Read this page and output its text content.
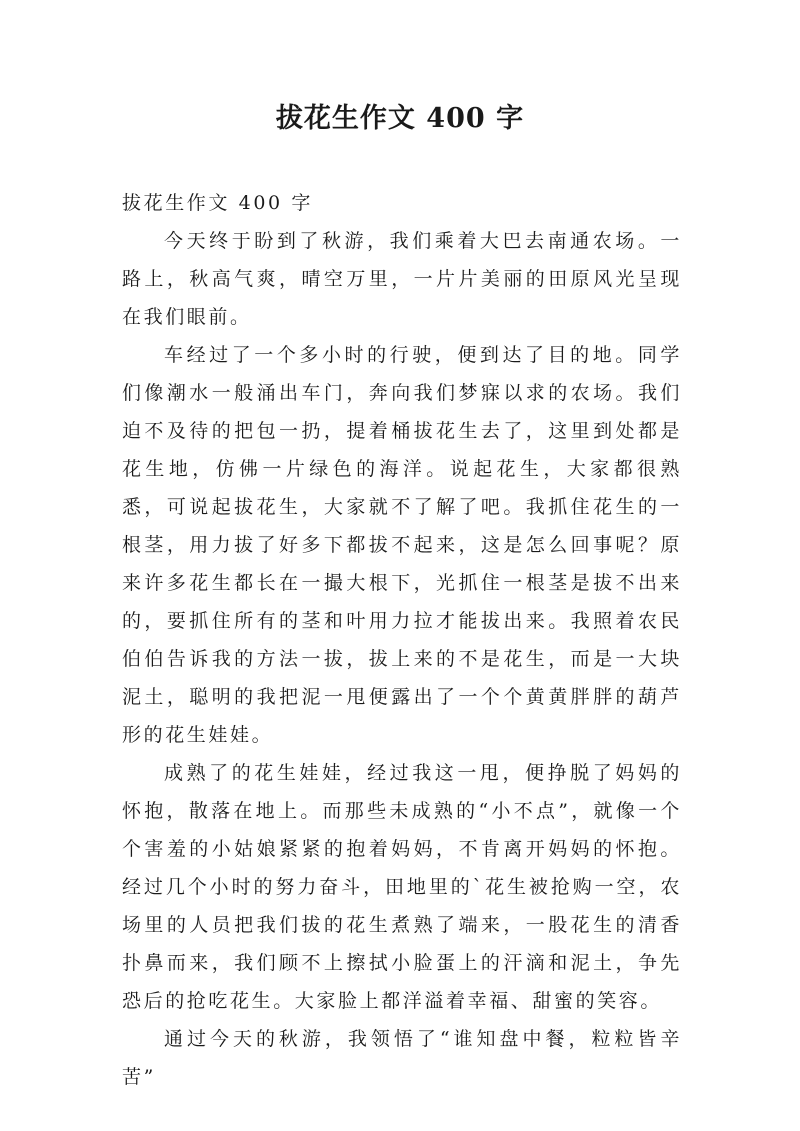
拔花生作文 400 字

拔花生作文 400 字

今天终于盼到了秋游，我们乘着大巴去南通农场。一路上，秋高气爽，晴空万里，一片片美丽的田原风光呈现在我们眼前。

车经过了一个多小时的行驶，便到达了目的地。同学们像潮水一般涌出车门，奔向我们梦寐以求的农场。我们迫不及待的把包一扔，提着桶拔花生去了，这里到处都是花生地，仿佛一片绿色的海洋。说起花生，大家都很熟悉，可说起拔花生，大家就不了解了吧。我抓住花生的一根茎，用力拔了好多下都拔不起来，这是怎么回事呢？原来许多花生都长在一撮大根下，光抓住一根茎是拔不出来的，要抓住所有的茎和叶用力拉才能拔出来。我照着农民伯伯告诉我的方法一拔，拔上来的不是花生，而是一大块泥土，聪明的我把泥一甩便露出了一个个黄黄胖胖的葫芦形的花生娃娃。

成熟了的花生娃娃，经过我这一甩，便挣脱了妈妈的怀抱，散落在地上。而那些未成熟的“小不点”，就像一个个害羞的小姑娘紧紧的抱着妈妈，不肯离开妈妈的怀抱。经过几个小时的努力奋斗，田地里的`花生被抢购一空，农场里的人员把我们拔的花生煮熟了端来，一股花生的清香扑鼻而来，我们顾不上擦拭小脸蛋上的汗滴和泥土，争先恐后的抢吃花生。大家脸上都洋溢着幸福、甜蜜的笑容。

通过今天的秋游，我领悟了“谁知盘中餐，粒粒皆辛苦”
